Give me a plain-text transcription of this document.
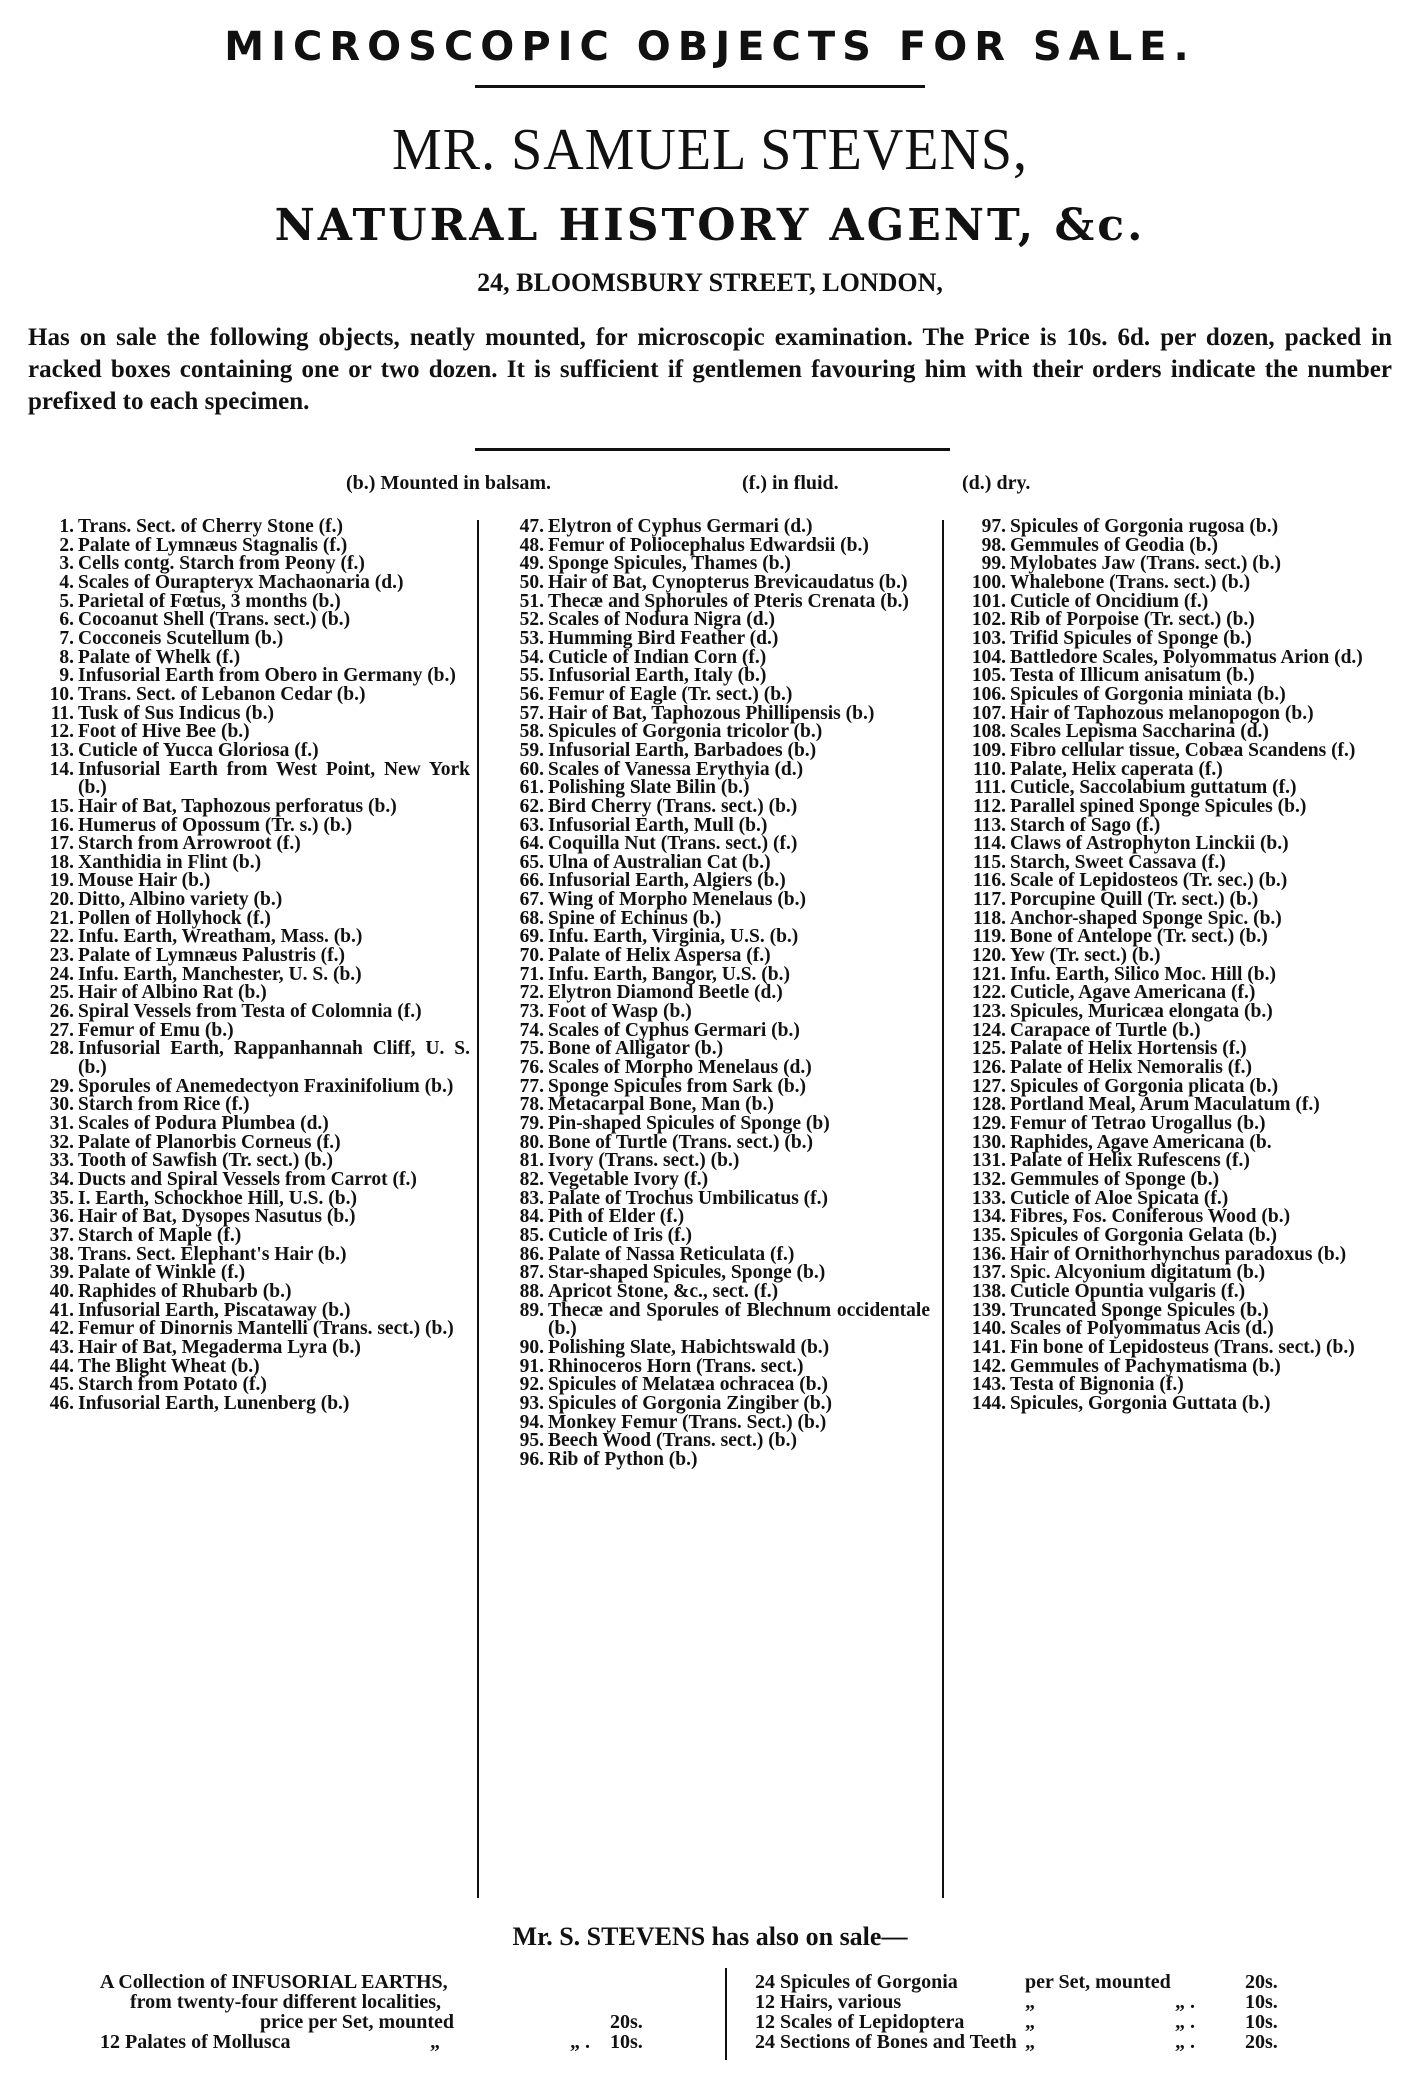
MICROSCOPIC OBJECTS FOR SALE.
MR. SAMUEL STEVENS,
NATURAL HISTORY AGENT, &c.
24, BLOOMSBURY STREET, LONDON,
Has on sale the following objects, neatly mounted, for microscopic examination. The Price is 10s. 6d. per dozen, packed in racked boxes containing one or two dozen. It is sufficient if gentlemen favouring him with their orders indicate the number prefixed to each specimen.
(b.) Mounted in balsam.	(f.) in fluid.	(d.) dry.
1. Trans. Sect. of Cherry Stone (f.)
2. Palate of Lymnæus Stagnalis (f.)
3. Cells contg. Starch from Peony (f.)
4. Scales of Ourapteryx Machaonaria (d.)
5. Parietal of Fœtus, 3 months (b.)
6. Cocoanut Shell (Trans. sect.) (b.)
7. Cocconeis Scutellum (b.)
8. Palate of Whelk (f.)
9. Infusorial Earth from Obero in Germany (b.)
10. Trans. Sect. of Lebanon Cedar (b.)
11. Tusk of Sus Indicus (b.)
12. Foot of Hive Bee (b.)
13. Cuticle of Yucca Gloriosa (f.)
14. Infusorial Earth from West Point, New York (b.)
15. Hair of Bat, Taphozous perforatus (b.)
16. Humerus of Opossum (Tr. s.) (b.)
17. Starch from Arrowroot (f.)
18. Xanthidia in Flint (b.)
19. Mouse Hair (b.)
20. Ditto, Albino variety (b.)
21. Pollen of Hollyhock (f.)
22. Infu. Earth, Wreatham, Mass. (b.)
23. Palate of Lymnæus Palustris (f.)
24. Infu. Earth, Manchester, U. S. (b.)
25. Hair of Albino Rat (b.)
26. Spiral Vessels from Testa of Colomnia (f.)
27. Femur of Emu (b.)
28. Infusorial Earth, Rappanhannah Cliff, U. S. (b.)
29. Sporules of Anemedectyon Fraxinifolium (b.)
30. Starch from Rice (f.)
31. Scales of Podura Plumbea (d.)
32. Palate of Planorbis Corneus (f.)
33. Tooth of Sawfish (Tr. sect.) (b.)
34. Ducts and Spiral Vessels from Carrot (f.)
35. I. Earth, Schockhoe Hill, U.S. (b.)
36. Hair of Bat, Dysopes Nasutus (b.)
37. Starch of Maple (f.)
38. Trans. Sect. Elephant's Hair (b.)
39. Palate of Winkle (f.)
40. Raphides of Rhubarb (b.)
41. Infusorial Earth, Piscataway (b.)
42. Femur of Dinornis Mantelli (Trans. sect.) (b.)
43. Hair of Bat, Megaderma Lyra (b.)
44. The Blight Wheat (b.)
45. Starch from Potato (f.)
46. Infusorial Earth, Lunenberg (b.)
47. Elytron of Cyphus Germari (d.)
48. Femur of Poliocephalus Edwardsii (b.)
49. Sponge Spicules, Thames (b.)
50. Hair of Bat, Cynopterus Brevicaudatus (b.)
51. Thecæ and Sphorules of Pteris Crenata (b.)
52. Scales of Nodura Nigra (d.)
53. Humming Bird Feather (d.)
54. Cuticle of Indian Corn (f.)
55. Infusorial Earth, Italy (b.)
56. Femur of Eagle (Tr. sect.) (b.)
57. Hair of Bat, Taphozous Phillipensis (b.)
58. Spicules of Gorgonia tricolor (b.)
59. Infusorial Earth, Barbadoes (b.)
60. Scales of Vanessa Erythyia (d.)
61. Polishing Slate Bilin (b.)
62. Bird Cherry (Trans. sect.) (b.)
63. Infusorial Earth, Mull (b.)
64. Coquilla Nut (Trans. sect.) (f.)
65. Ulna of Australian Cat (b.)
66. Infusorial Earth, Algiers (b.)
67. Wing of Morpho Menelaus (b.)
68. Spine of Echinus (b.)
69. Infu. Earth, Virginia, U.S. (b.)
70. Palate of Helix Aspersa (f.)
71. Infu. Earth, Bangor, U.S. (b.)
72. Elytron Diamond Beetle (d.)
73. Foot of Wasp (b.)
74. Scales of Cyphus Germari (b.)
75. Bone of Alligator (b.)
76. Scales of Morpho Menelaus (d.)
77. Sponge Spicules from Sark (b.)
78. Metacarpal Bone, Man (b.)
79. Pin-shaped Spicules of Sponge (b)
80. Bone of Turtle (Trans. sect.) (b.)
81. Ivory (Trans. sect.) (b.)
82. Vegetable Ivory (f.)
83. Palate of Trochus Umbilicatus (f.)
84. Pith of Elder (f.)
85. Cuticle of Iris (f.)
86. Palate of Nassa Reticulata (f.)
87. Star-shaped Spicules, Sponge (b.)
88. Apricot Stone, &c., sect. (f.)
89. Thecæ and Sporules of Blechnum occidentale (b.)
90. Polishing Slate, Habichtswald (b.)
91. Rhinoceros Horn (Trans. sect.)
92. Spicules of Melatæa ochracea (b.)
93. Spicules of Gorgonia Zingiber (b.)
94. Monkey Femur (Trans. Sect.) (b.)
95. Beech Wood (Trans. sect.) (b.)
96. Rib of Python (b.)
97. Spicules of Gorgonia rugosa (b.)
98. Gemmules of Geodia (b.)
99. Mylobates Jaw (Trans. sect.) (b.)
100. Whalebone (Trans. sect.) (b.)
101. Cuticle of Oncidium (f.)
102. Rib of Porpoise (Tr. sect.) (b.)
103. Trifid Spicules of Sponge (b.)
104. Battledore Scales, Polyommatus Arion (d.)
105. Testa of Illicum anisatum (b.)
106. Spicules of Gorgonia miniata (b.)
107. Hair of Taphozous melanopogon (b.)
108. Scales Lepisma Saccharina (d.)
109. Fibro cellular tissue, Cobæa Scandens (f.)
110. Palate, Helix caperata (f.)
111. Cuticle, Saccolabium guttatum (f.)
112. Parallel spined Sponge Spicules (b.)
113. Starch of Sago (f.)
114. Claws of Astrophyton Linckii (b.)
115. Starch, Sweet Cassava (f.)
116. Scale of Lepidosteos (Tr. sec.) (b.)
117. Porcupine Quill (Tr. sect.) (b.)
118. Anchor-shaped Sponge Spic. (b.)
119. Bone of Antelope (Tr. sect.) (b.)
120. Yew (Tr. sect.) (b.)
121. Infu. Earth, Silico Moc. Hill (b.)
122. Cuticle, Agave Americana (f.)
123. Spicules, Muricæa elongata (b.)
124. Carapace of Turtle (b.)
125. Palate of Helix Hortensis (f.)
126. Palate of Helix Nemoralis (f.)
127. Spicules of Gorgonia plicata (b.)
128. Portland Meal, Arum Maculatum (f.)
129. Femur of Tetrao Urogallus (b.)
130. Raphides, Agave Americana (b.
131. Palate of Helix Rufescens (f.)
132. Gemmules of Sponge (b.)
133. Cuticle of Aloe Spicata (f.)
134. Fibres, Fos. Coniferous Wood (b.)
135. Spicules of Gorgonia Gelata (b.)
136. Hair of Ornithorhynchus paradoxus (b.)
137. Spic. Alcyonium digitatum (b.)
138. Cuticle Opuntia vulgaris (f.)
139. Truncated Sponge Spicules (b.)
140. Scales of Polyommatus Acis (d.)
141. Fin bone of Lepidosteus (Trans. sect.) (b.)
142. Gemmules of Pachymatisma (b.)
143. Testa of Bignonia (f.)
144. Spicules, Gorgonia Guttata (b.)
Mr. S. STEVENS has also on sale—
A Collection of INFUSORIAL EARTHS,
from twenty-four different localities,
price per Set, mounted	20s.
12 Palates of Mollusca	„	„ . 10s.
24 Spicules of Gorgonia	per Set, mounted	20s.
12 Hairs, various	„	„ .	10s.
12 Scales of Lepidoptera	„	„ .	10s.
24 Sections of Bones and Teeth „	„ .	20s.
